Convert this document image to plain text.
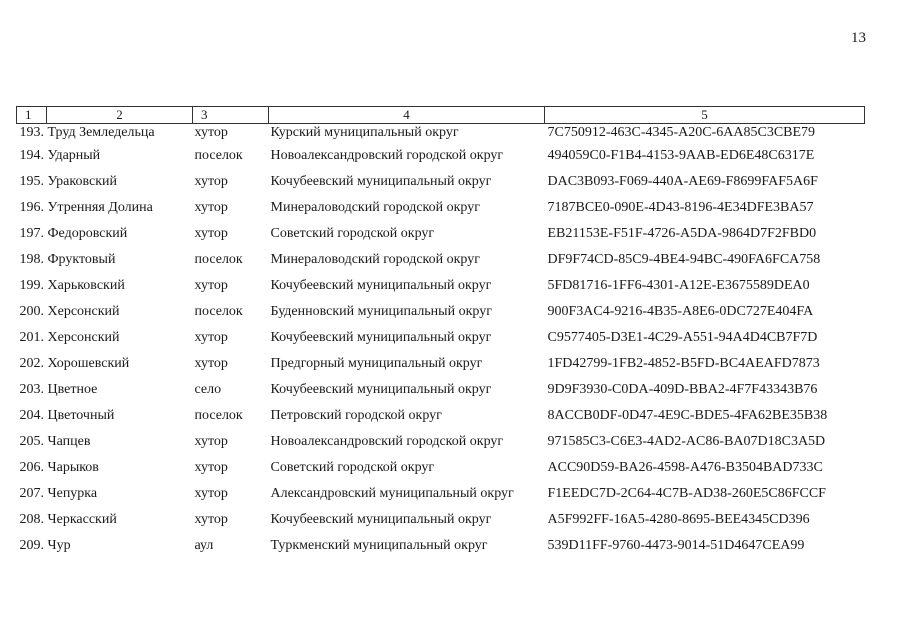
13
1	2	3	4	5
193. Труд Земледельца		хутор	Курский муниципальный округ	7C750912-463C-4345-A20C-6AA85C3CBE79
194. Ударный		поселок	Новоалександровский городской округ	494059C0-F1B4-4153-9AAB-ED6E48C6317E
195. Ураковский		хутор	Кочубеевский муниципальный округ	DAC3B093-F069-440A-AE69-F8699FAF5A6F
196. Утренняя Долина		хутор	Минераловодский городской округ	7187BCE0-090E-4D43-8196-4E34DFE3BA57
197. Федоровский		хутор	Советский городской округ	EB21153E-F51F-4726-A5DA-9864D7F2FBD0
198. Фруктовый		поселок	Минераловодский городской округ	DF9F74CD-85C9-4BE4-94BC-490FA6FCA758
199. Харьковский		хутор	Кочубеевский муниципальный округ	5FD81716-1FF6-4301-A12E-E3675589DEA0
200. Херсонский		поселок	Буденновский муниципальный округ	900F3AC4-9216-4B35-A8E6-0DC727E404FA
201. Херсонский		хутор	Кочубеевский муниципальный округ	C9577405-D3E1-4C29-A551-94A4D4CB7F7D
202. Хорошевский		хутор	Предгорный муниципальный округ	1FD42799-1FB2-4852-B5FD-BC4AEAFD7873
203. Цветное		село	Кочубеевский муниципальный округ	9D9F3930-C0DA-409D-BBA2-4F7F43343B76
204. Цветочный		поселок	Петровский городской округ	8ACCB0DF-0D47-4E9C-BDE5-4FA62BE35B38
205. Чапцев		хутор	Новоалександровский городской округ	971585C3-C6E3-4AD2-AC86-BA07D18C3A5D
206. Чарыков		хутор	Советский городской округ	ACC90D59-BA26-4598-A476-B3504BAD733C
207. Чепурка		хутор	Александровский муниципальный округ	F1EEDC7D-2C64-4C7B-AD38-260E5C86FCCF
208. Черкасский		хутор	Кочубеевский муниципальный округ	A5F992FF-16A5-4280-8695-BEE4345CD396
209. Чур		аул	Туркменский муниципальный округ	539D11FF-9760-4473-9014-51D4647CEA99
